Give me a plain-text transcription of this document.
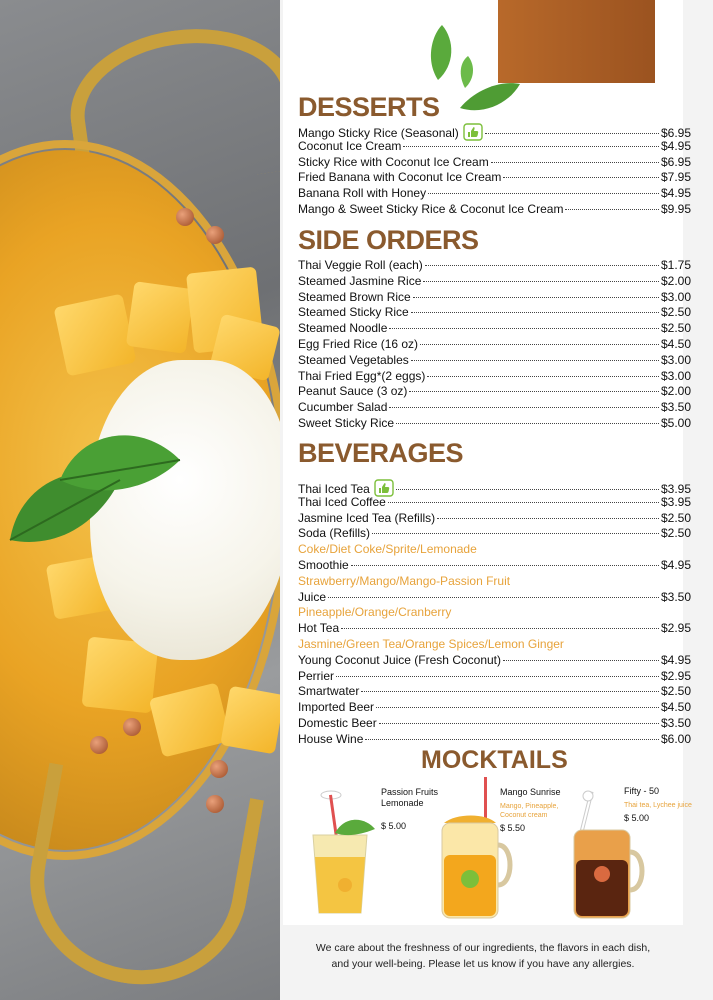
DESSERTS
Mango Sticky Rice (Seasonal)	$6.95
Coconut Ice Cream	$4.95
Sticky Rice with Coconut Ice Cream	$6.95
Fried Banana with Coconut Ice Cream	$7.95
Banana Roll with Honey	$4.95
Mango & Sweet Sticky Rice & Coconut Ice Cream	$9.95
SIDE ORDERS
Thai Veggie Roll (each)	$1.75
Steamed Jasmine Rice	$2.00
Steamed Brown Rice	$3.00
Steamed Sticky Rice	$2.50
Steamed Noodle	$2.50
Egg Fried Rice (16 oz)	$4.50
Steamed Vegetables	$3.00
Thai Fried Egg*(2 eggs)	$3.00
Peanut Sauce (3 oz)	$2.00
Cucumber Salad	$3.50
Sweet Sticky Rice	$5.00
BEVERAGES
Thai Iced Tea	$3.95
Thai Iced Coffee	$3.95
Jasmine Iced Tea (Refills)	$2.50
Soda (Refills)	$2.50
Coke/Diet Coke/Sprite/Lemonade
Smoothie	$4.95
Strawberry/Mango/Mango-Passion Fruit
Juice	$3.50
Pineapple/Orange/Cranberry
Hot Tea	$2.95
Jasmine/Green Tea/Orange Spices/Lemon Ginger
Young Coconut Juice (Fresh Coconut)	$4.95
Perrier	$2.95
Smartwater	$2.50
Imported Beer	$4.50
Domestic Beer	$3.50
House Wine	$6.00
MOCKTAILS
Passion Fruits
Lemonade
$ 5.00
Mango Sunrise
Mango, Pineapple,
Coconut cream
$ 5.50
Fifty - 50
Thai tea, Lychee juice
$ 5.00
We care about the freshness of our ingredients, the flavors in each dish,
and your well-being. Please let us know if you have any allergies.
